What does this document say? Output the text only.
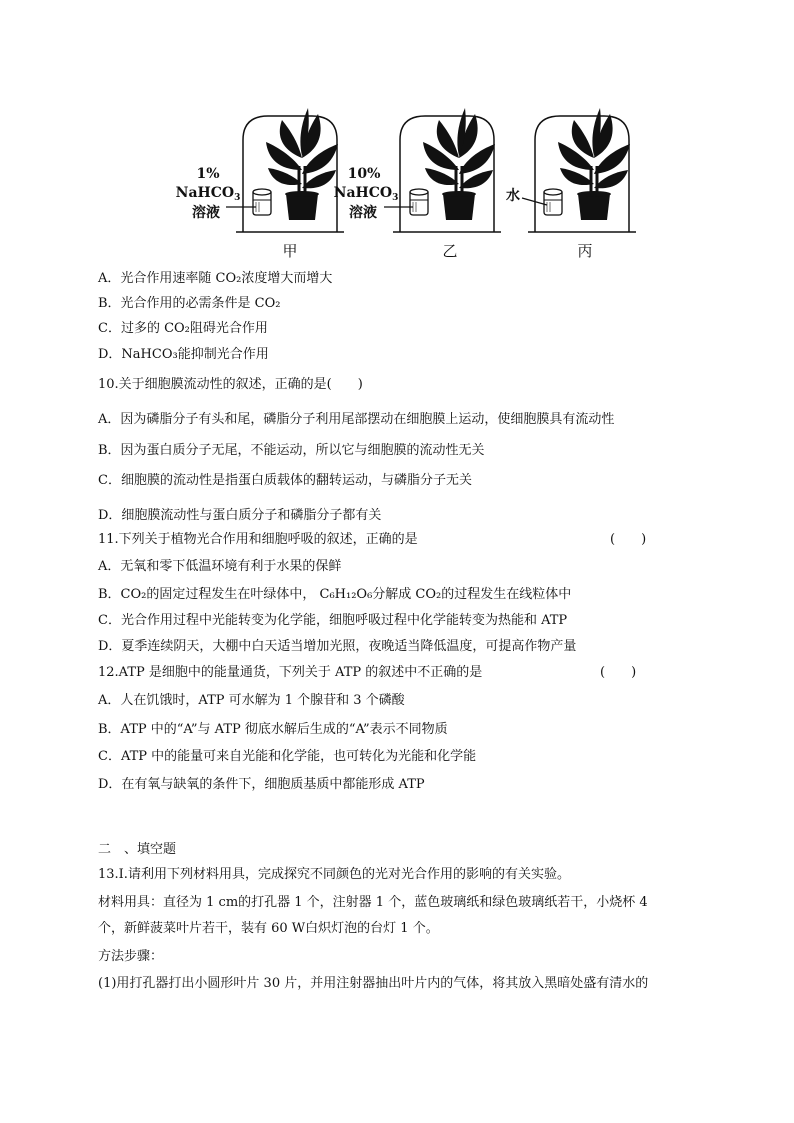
1%
NaHCO$_3$
溶液
甲
10%
NaHCO$_3$
溶液
乙
水
丙
A．光合作用速率随 CO₂浓度增大而增大
B．光合作用的必需条件是 CO₂
C．过多的 CO₂阻碍光合作用
D．NaHCO₃能抑制光合作用
10.关于细胞膜流动性的叙述，正确的是(　　)
A．因为磷脂分子有头和尾，磷脂分子利用尾部摆动在细胞膜上运动，使细胞膜具有流动性
B．因为蛋白质分子无尾，不能运动，所以它与细胞膜的流动性无关
C．细胞膜的流动性是指蛋白质载体的翻转运动，与磷脂分子无关
D．细胞膜流动性与蛋白质分子和磷脂分子都有关
11.下列关于植物光合作用和细胞呼吸的叙述，正确的是	(　　)
A．无氧和零下低温环境有利于水果的保鲜
B．CO₂的固定过程发生在叶绿体中， C₆H₁₂O₆分解成 CO₂的过程发生在线粒体中
C．光合作用过程中光能转变为化学能，细胞呼吸过程中化学能转变为热能和 ATP
D．夏季连续阴天，大棚中白天适当增加光照，夜晚适当降低温度，可提高作物产量
12.ATP 是细胞中的能量通货，下列关于 ATP 的叙述中不正确的是	(　　)
A．人在饥饿时，ATP 可水解为 1 个腺苷和 3 个磷酸
B．ATP 中的“A”与 ATP 彻底水解后生成的“A”表示不同物质
C．ATP 中的能量可来自光能和化学能，也可转化为光能和化学能
D．在有氧与缺氧的条件下，细胞质基质中都能形成 ATP
二　、填空题
13.Ⅰ.请利用下列材料用具，完成探究不同颜色的光对光合作用的影响的有关实验。
材料用具：直径为 1 cm的打孔器 1 个，注射器 1 个，蓝色玻璃纸和绿色玻璃纸若干，小烧杯 4
个，新鲜菠菜叶片若干，装有 60 W白炽灯泡的台灯 1 个。
方法步骤：
(1)用打孔器打出小圆形叶片 30 片，并用注射器抽出叶片内的气体，将其放入黑暗处盛有清水的
